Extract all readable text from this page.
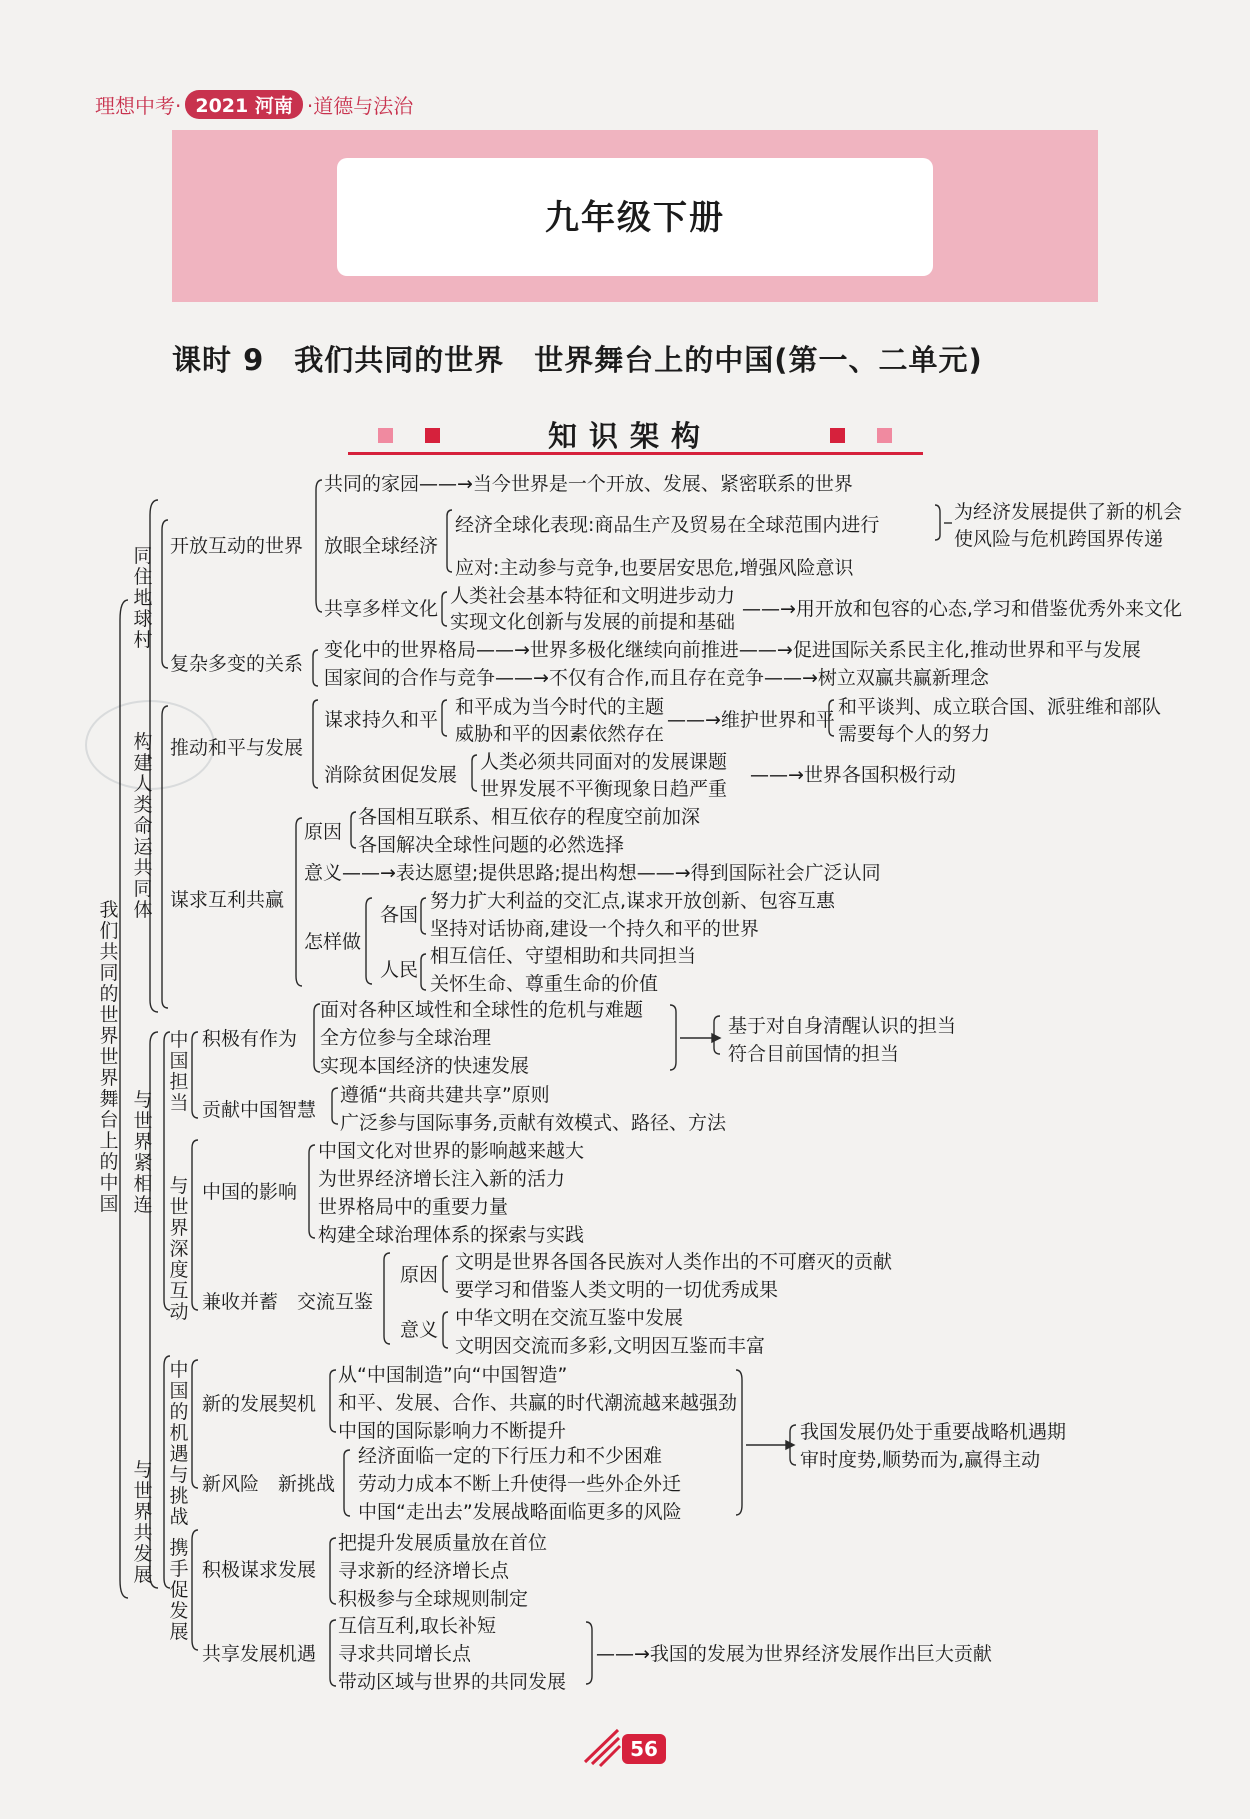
理想中考· 2021 河南 ·道德与法治
九年级下册
课时 9　我们共同的世界　世界舞台上的中国(第一、二单元)
知识架构
我们共同的世界 世界舞台上的中国
同住地球村
构建人类命运共同体
开放互动的世界
共同的家园——→当今世界是一个开放、发展、紧密联系的世界
放眼全球经济
经济全球化表现:商品生产及贸易在全球范围内进行
为经济发展提供了新的机会
使风险与危机跨国界传递
应对:主动参与竞争,也要居安思危,增强风险意识
共享多样文化
人类社会基本特征和文明进步动力
实现文化创新与发展的前提和基础
——→用开放和包容的心态,学习和借鉴优秀外来文化
复杂多变的关系
变化中的世界格局——→世界多极化继续向前推进——→促进国际关系民主化,推动世界和平与发展
国家间的合作与竞争——→不仅有合作,而且存在竞争——→树立双赢共赢新理念
推动和平与发展
谋求持久和平
和平成为当今时代的主题
威胁和平的因素依然存在
——→维护世界和平
和平谈判、成立联合国、派驻维和部队
需要每个人的努力
消除贫困促发展
人类必须共同面对的发展课题
世界发展不平衡现象日趋严重
——→世界各国积极行动
谋求互利共赢
原因
各国相互联系、相互依存的程度空前加深
各国解决全球性问题的必然选择
意义——→表达愿望;提供思路;提出构想——→得到国际社会广泛认同
怎样做
各国
努力扩大利益的交汇点,谋求开放创新、包容互惠
坚持对话协商,建设一个持久和平的世界
人民
相互信任、守望相助和共同担当
关怀生命、尊重生命的价值
与世界紧相连
与世界共发展
中国担当
积极有作为
面对各种区域性和全球性的危机与难题
全方位参与全球治理
实现本国经济的快速发展
基于对自身清醒认识的担当
符合目前国情的担当
贡献中国智慧
遵循“共商共建共享”原则
广泛参与国际事务,贡献有效模式、路径、方法
与世界深度互动
中国的影响
中国文化对世界的影响越来越大
为世界经济增长注入新的活力
世界格局中的重要力量
构建全球治理体系的探索与实践
兼收并蓄　交流互鉴
原因
文明是世界各国各民族对人类作出的不可磨灭的贡献
要学习和借鉴人类文明的一切优秀成果
意义
中华文明在交流互鉴中发展
文明因交流而多彩,文明因互鉴而丰富
中国的机遇与挑战
新的发展契机
从“中国制造”向“中国智造”
和平、发展、合作、共赢的时代潮流越来越强劲
中国的国际影响力不断提升
新风险　新挑战
经济面临一定的下行压力和不少困难
劳动力成本不断上升使得一些外企外迁
中国“走出去”发展战略面临更多的风险
我国发展仍处于重要战略机遇期
审时度势,顺势而为,赢得主动
携手促发展
积极谋求发展
把提升发展质量放在首位
寻求新的经济增长点
积极参与全球规则制定
共享发展机遇
互信互利,取长补短
寻求共同增长点
带动区域与世界的共同发展
——→我国的发展为世界经济发展作出巨大贡献
56
